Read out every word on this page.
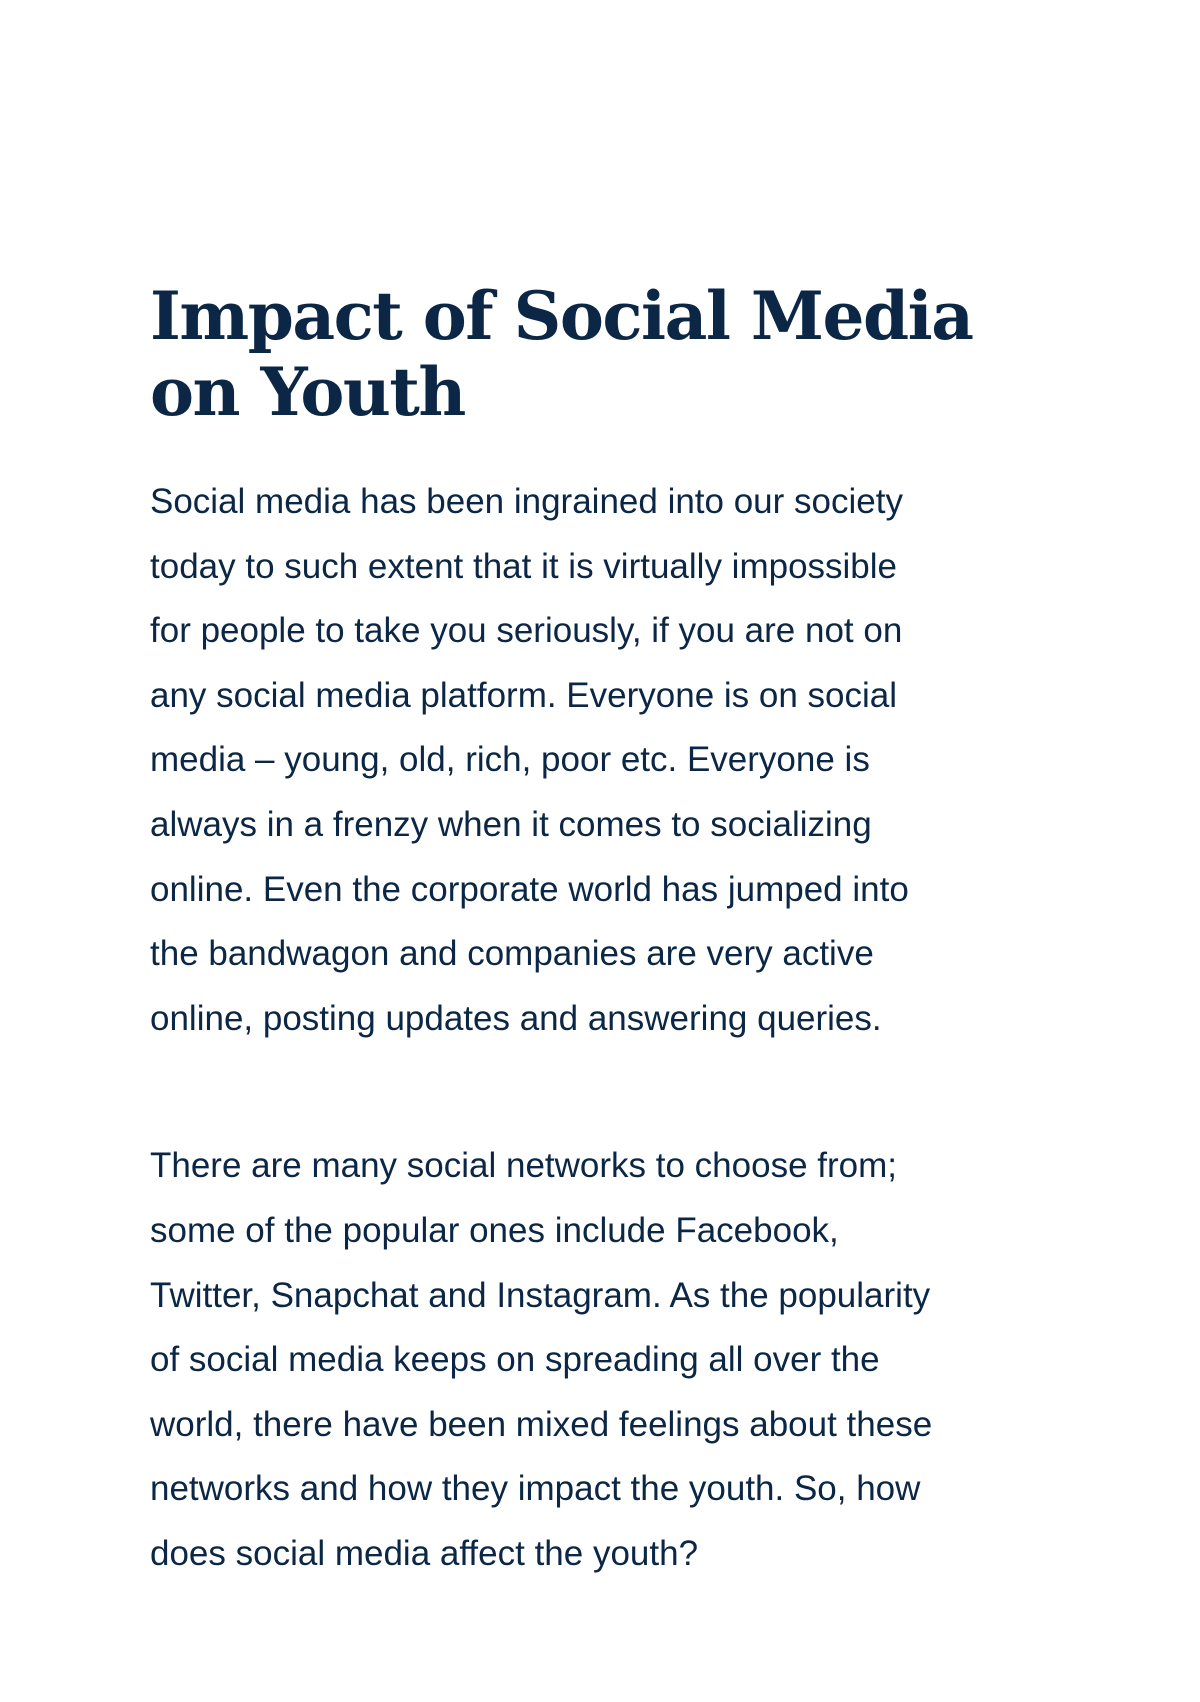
Impact of Social Media
on Youth

Social media has been ingrained into our society
today to such extent that it is virtually impossible
for people to take you seriously, if you are not on
any social media platform. Everyone is on social
media – young, old, rich, poor etc. Everyone is
always in a frenzy when it comes to socializing
online. Even the corporate world has jumped into
the bandwagon and companies are very active
online, posting updates and answering queries.

There are many social networks to choose from;
some of the popular ones include Facebook,
Twitter, Snapchat and Instagram. As the popularity
of social media keeps on spreading all over the
world, there have been mixed feelings about these
networks and how they impact the youth. So, how
does social media affect the youth?
